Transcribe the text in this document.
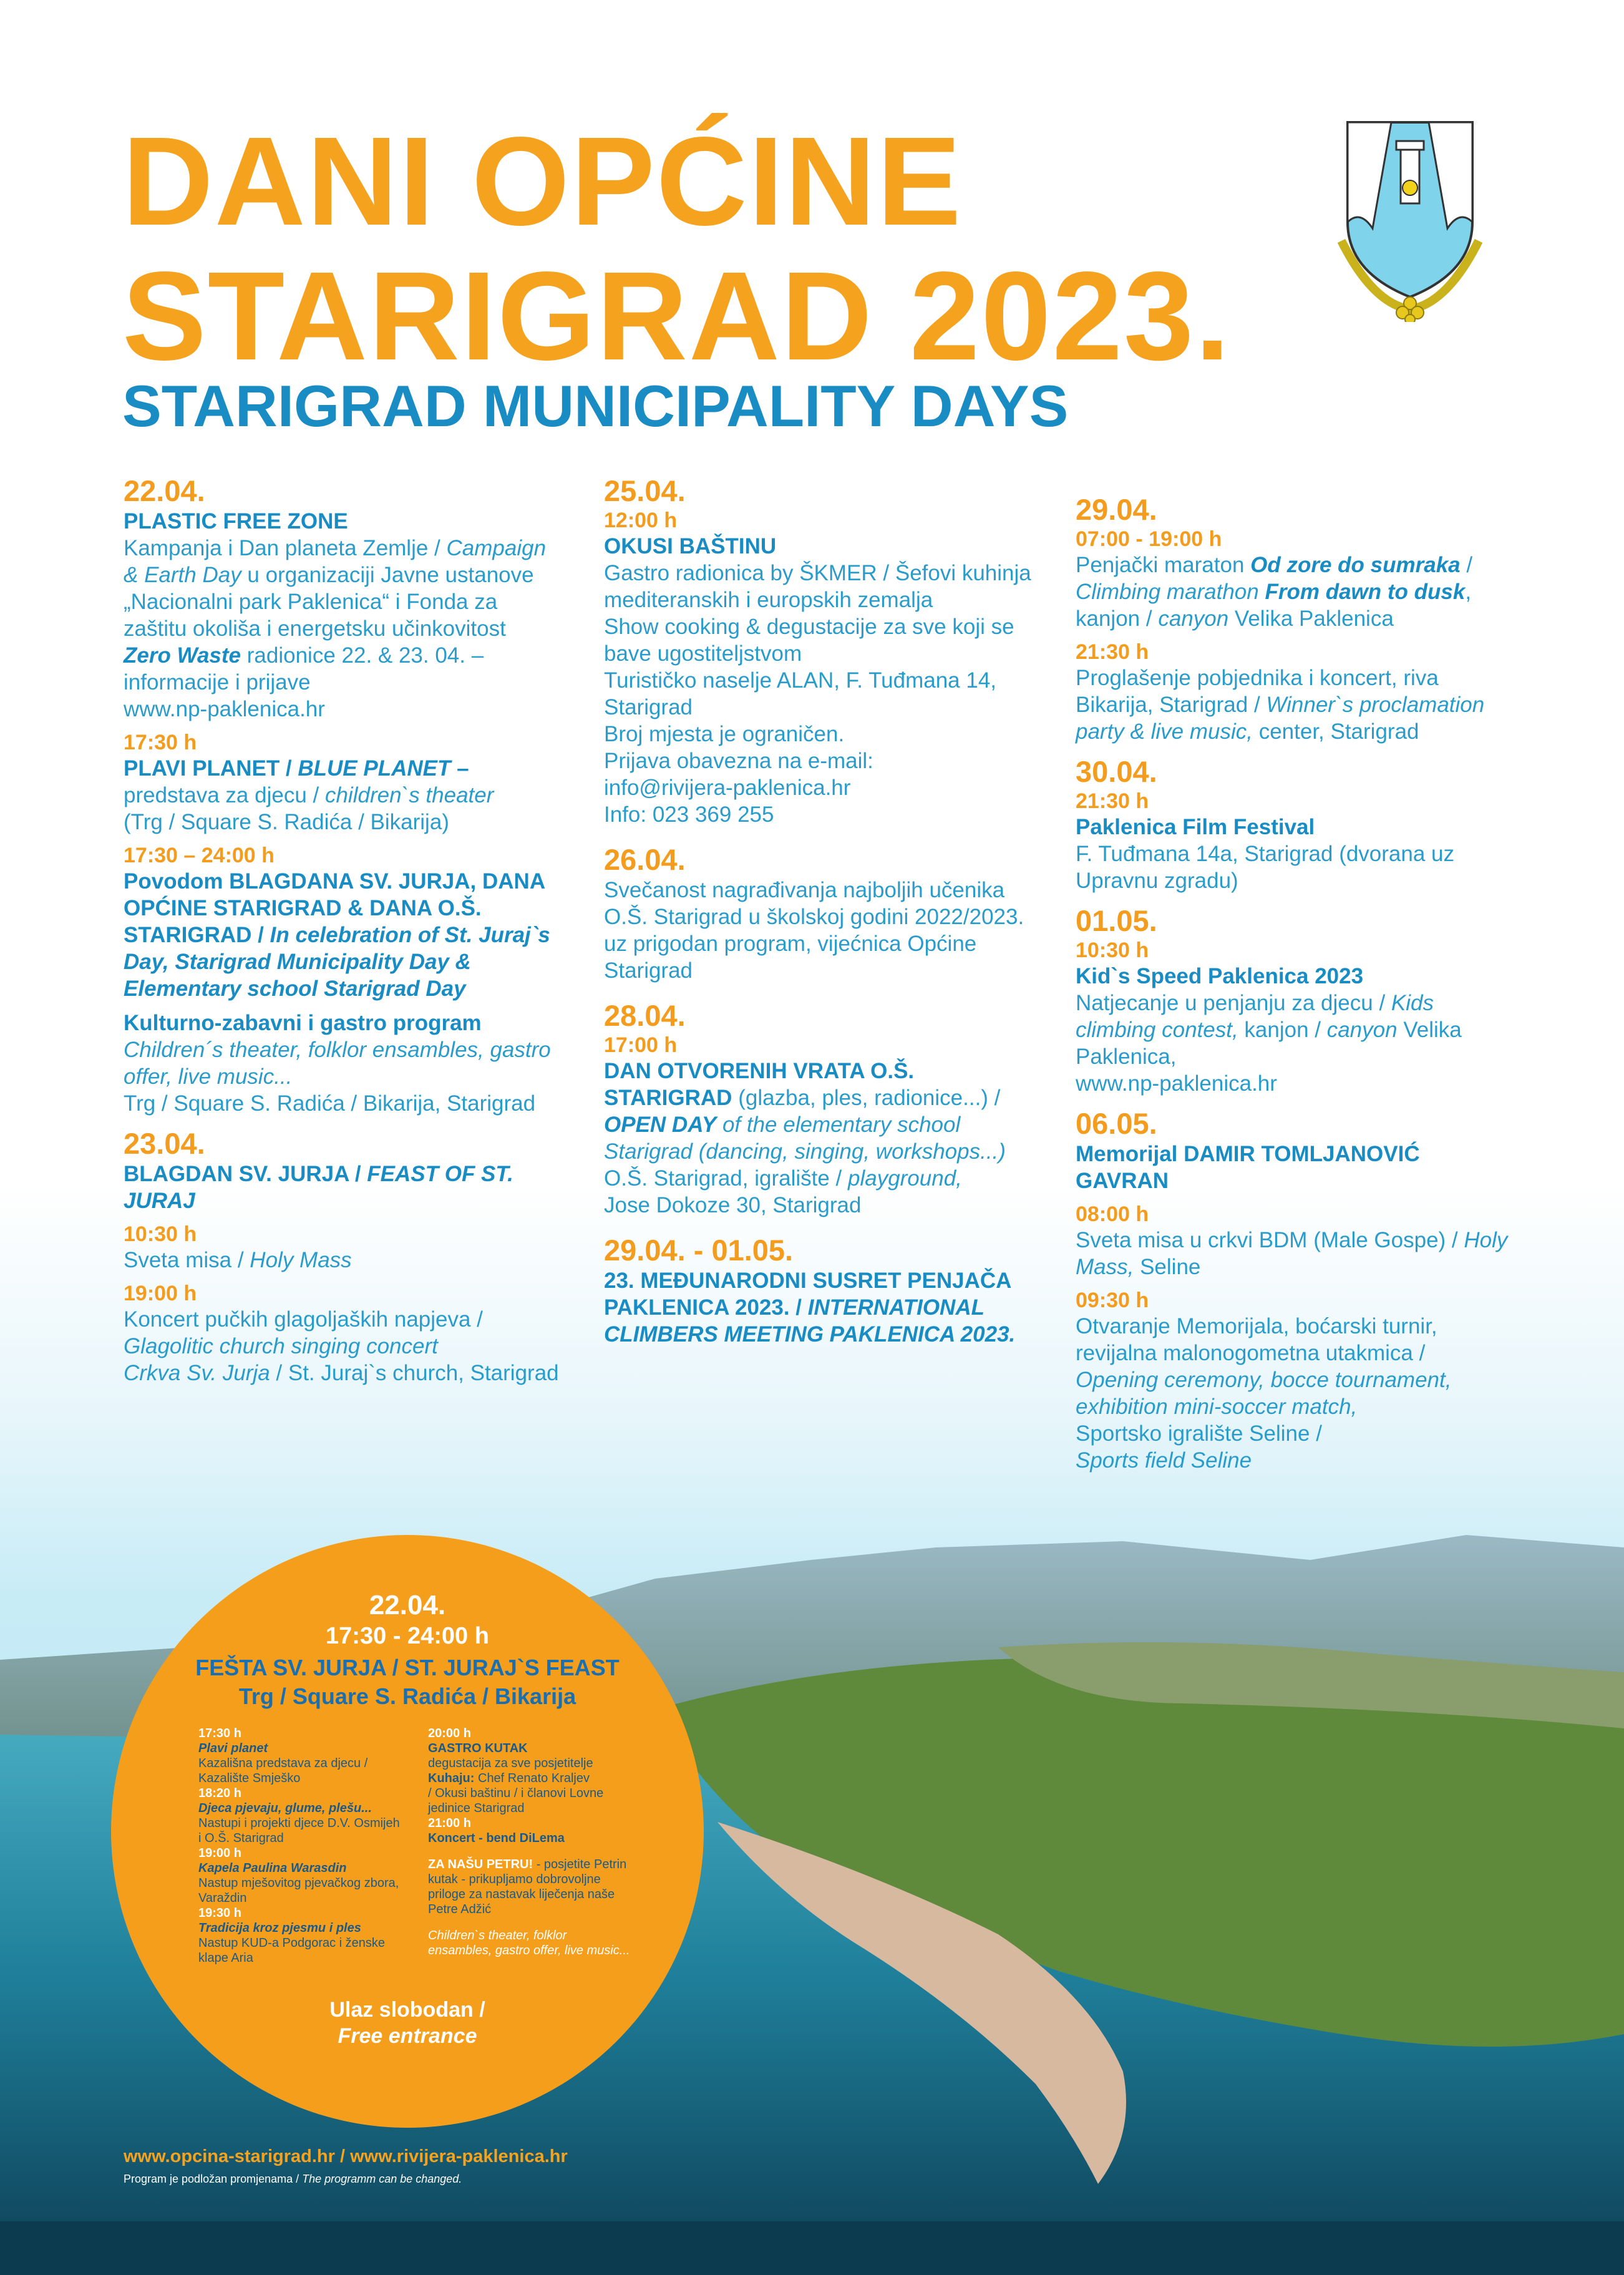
DANI OPĆINE
STARIGRAD 2023.
STARIGRAD MUNICIPALITY DAYS
22.04.
PLASTIC FREE ZONE

Kampanja i Dan planeta Zemlje / Campaign & Earth Day u organizaciji Javne ustanove „Nacionalni park Paklenica“ i Fonda za zaštitu okoliša i energetsku učinkovitost
Zero Waste radionice 22. & 23. 04. – informacije i prijave
www.np-paklenica.hr

17:30 h
PLAVI PLANET / BLUE PLANET –

predstava za djecu / children`s theater
(Trg / Square S. Radića / Bikarija)

17:30 – 24:00 h
Povodom BLAGDANA SV. JURJA, DANA OPĆINE STARIGRAD & DANA O.Š. STARIGRAD / In celebration of St. Juraj`s Day, Starigrad Municipality Day & Elementary school Starigrad Day
Kulturno-zabavni i gastro program

Children´s theater, folklor ensambles, gastro offer, live music...

Trg / Square S. Radića / Bikarija, Starigrad

23.04.
BLAGDAN SV. JURJA / FEAST OF ST. JURAJ
10:30 h

Sveta misa / Holy Mass

19:00 h

Koncert pučkih glagoljaških napjeva /
Glagolitic church singing concert
Crkva Sv. Jurja / St. Juraj`s church, Starigrad

25.04.
12:00 h
OKUSI BAŠTINU

Gastro radionica by ŠKMER / Šefovi kuhinja mediteranskih i europskih zemalja

Show cooking & degustacije za sve koji se bave ugostiteljstvom

Turističko naselje ALAN, F. Tuđmana 14, Starigrad

Broj mjesta je ograničen.

Prijava obavezna na e-mail:

info@rivijera-paklenica.hr

Info: 023 369 255

26.04.

Svečanost nagrađivanja najboljih učenika O.Š. Starigrad u školskoj godini 2022/2023. uz prigodan program, vijećnica Općine Starigrad

28.04.
17:00 h

DAN OTVORENIH VRATA O.Š. STARIGRAD (glazba, ples, radionice...) / OPEN DAY of the elementary school Starigrad (dancing, singing, workshops...)

O.Š. Starigrad, igralište / playground,
Jose Dokoze 30, Starigrad

29.04. - 01.05.
23. MEĐUNARODNI SUSRET PENJAČA PAKLENICA 2023. / INTERNATIONAL CLIMBERS MEETING PAKLENICA 2023.
29.04.
07:00 - 19:00 h

Penjački maraton Od zore do sumraka / Climbing marathon From dawn to dusk, kanjon / canyon Velika Paklenica

21:30 h

Proglašenje pobjednika i koncert, riva Bikarija, Starigrad / Winner`s proclamation party & live music, center, Starigrad

30.04.
21:30 h
Paklenica Film Festival

F. Tuđmana 14a, Starigrad (dvorana uz Upravnu zgradu)

01.05.
10:30 h
Kid`s Speed Paklenica 2023

Natjecanje u penjanju za djecu / Kids climbing contest, kanjon / canyon Velika Paklenica,
www.np-paklenica.hr

06.05.
Memorijal DAMIR TOMLJANOVIĆ GAVRAN
08:00 h

Sveta misa u crkvi BDM (Male Gospe) / Holy Mass, Seline

09:30 h

Otvaranje Memorijala, boćarski turnir, revijalna malonogometna utakmica / Opening ceremony, bocce tournament, exhibition mini-soccer match,
Sportsko igralište Seline /
Sports field Seline

22.04.
17:30 - 24:00 h
FEŠTA SV. JURJA / ST. JURAJ`S FEAST
Trg / Square S. Radića / Bikarija
17:30 h
Plavi planet
Kazališna predstava za djecu / Kazalište Smješko
18:20 h
Djeca pjevaju, glume, plešu...
Nastupi i projekti djece D.V. Osmijeh i O.Š. Starigrad
19:00 h
Kapela Paulina Warasdin
Nastup mješovitog pjevačkog zbora, Varaždin
19:30 h
Tradicija kroz pjesmu i ples
Nastup KUD-a Podgorac i ženske klape Aria
20:00 h
GASTRO KUTAK
degustacija za sve posjetitelje
Kuhaju: Chef Renato Kraljev
/ Okusi baštinu / i članovi Lovne jedinice Starigrad
21:00 h
Koncert - bend DiLema
ZA NAŠU PETRU! - posjetite Petrin kutak - prikupljamo dobrovoljne priloge za nastavak liječenja naše Petre Adžić
Children`s theater, folklor ensambles, gastro offer, live music...
Ulaz slobodan /
Free entrance
www.opcina-starigrad.hr / www.rivijera-paklenica.hr
Program je podložan promjenama / The programm can be changed.
